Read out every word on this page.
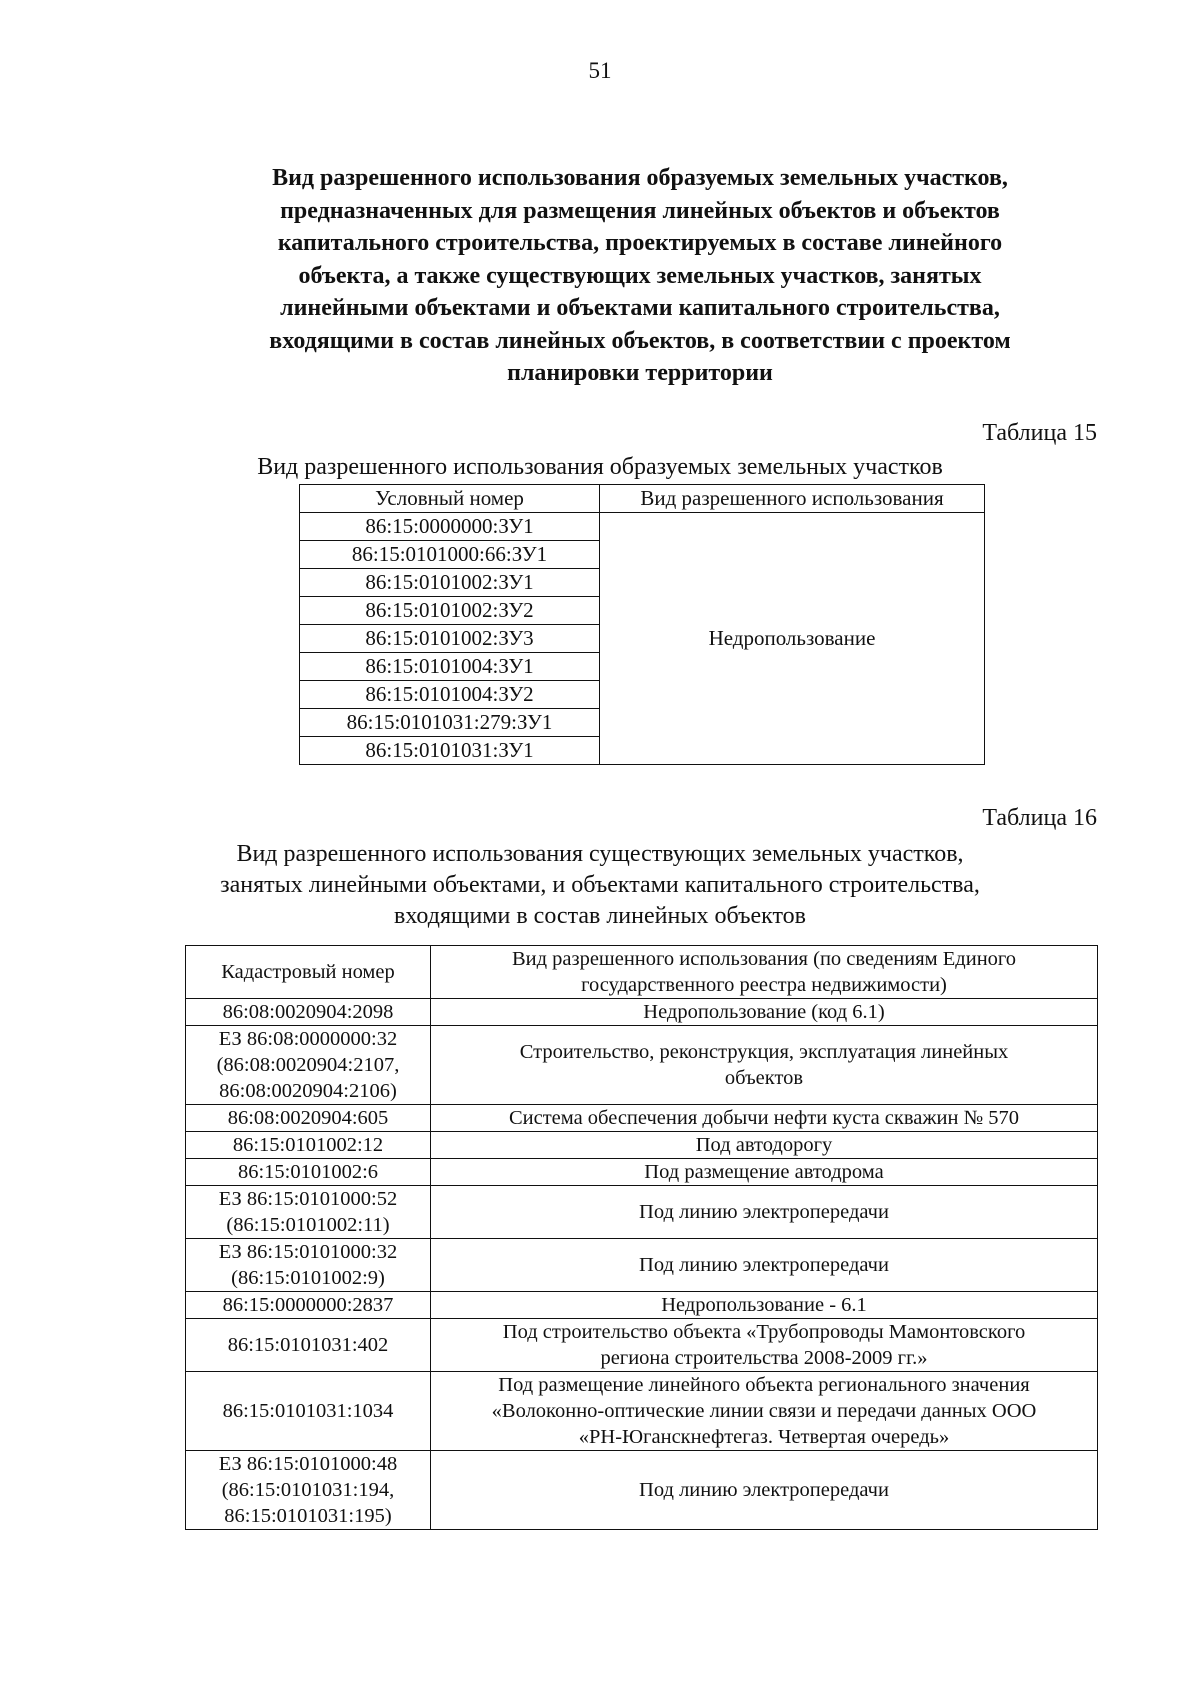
51
Вид разрешенного использования образуемых земельных участков,
предназначенных для размещения линейных объектов и объектов
капитального строительства, проектируемых в составе линейного
объекта, а также существующих земельных участков, занятых
линейными объектами и объектами капитального строительства,
входящими в состав линейных объектов, в соответствии с проектом
планировки территории
Таблица 15
Вид разрешенного использования образуемых земельных участков
Условный номер	Вид разрешенного использования
86:15:0000000:ЗУ1	Недропользование
86:15:0101000:66:ЗУ1	
86:15:0101002:ЗУ1	
86:15:0101002:ЗУ2	
86:15:0101002:ЗУ3	
86:15:0101004:ЗУ1	
86:15:0101004:ЗУ2	
86:15:0101031:279:ЗУ1	
86:15:0101031:ЗУ1	
Таблица 16
Вид разрешенного использования существующих земельных участков,
занятых линейными объектами, и объектами капитального строительства,
входящими в состав линейных объектов
Кадастровый номер	Вид разрешенного использования (по сведениям Единого
государственного реестра недвижимости)

86:08:0020904:2098	Недропользование (код 6.1)

ЕЗ 86:08:0000000:32
(86:08:0020904:2107,
86:08:0020904:2106)	Строительство, реконструкция, эксплуатация линейных
объектов

86:08:0020904:605	Система обеспечения добычи нефти куста скважин № 570

86:15:0101002:12	Под автодорогу

86:15:0101002:6	Под размещение автодрома

ЕЗ 86:15:0101000:52
(86:15:0101002:11)	Под линию электропередачи

ЕЗ 86:15:0101000:32
(86:15:0101002:9)	Под линию электропередачи

86:15:0000000:2837	Недропользование - 6.1

86:15:0101031:402	Под строительство объекта «Трубопроводы Мамонтовского
региона строительства 2008-2009 гг.»

86:15:0101031:1034	Под размещение линейного объекта регионального значения
«Волоконно-оптические линии связи и передачи данных ООО
«РН-Юганскнефтегаз. Четвертая очередь»

ЕЗ 86:15:0101000:48
(86:15:0101031:194,
86:15:0101031:195)	Под линию электропередачи
